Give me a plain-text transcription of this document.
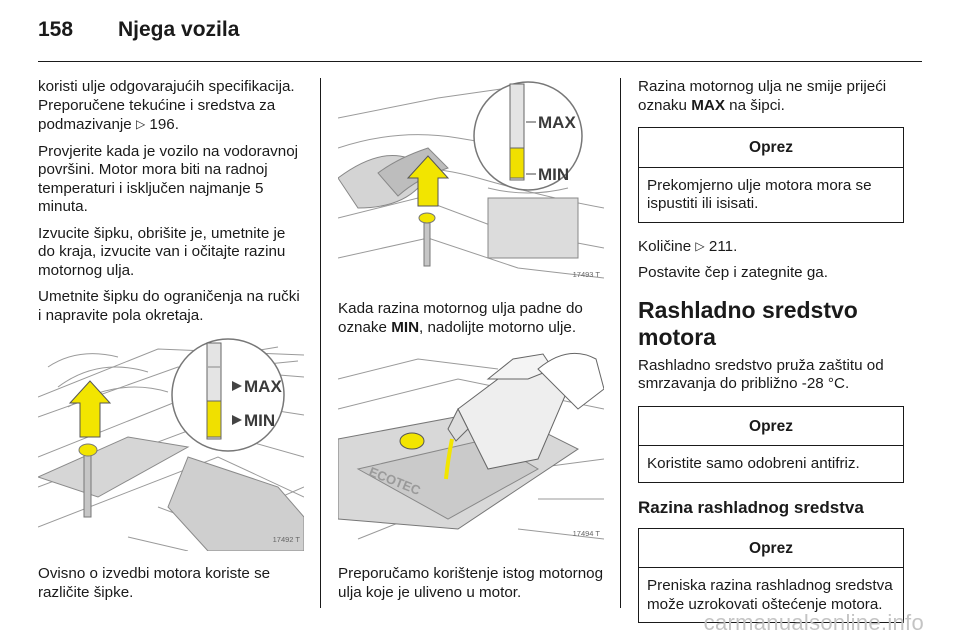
158 Njega vozila

koristi ulje odgovarajućih specifikacija. Preporučene tekućine i sredstva za podmazivanje ▷ 196.

Provjerite kada je vozilo na vodoravnoj površini. Motor mora biti na radnoj temperaturi i isključen najmanje 5 minuta.

Izvucite šipku, obrišite je, umetnite je do kraja, izvucite van i očitajte razinu motornog ulja.

Umetnite šipku do ograničenja na ručki i napravite pola okretaja.

MAX
MIN
17492 T

Ovisno o izvedbi motora koriste se različite šipke.

MAX
MIN
17493 T

Kada razina motornog ulja padne do oznake MIN, nadolijte motorno ulje.

ECOTEC
17494 T

Preporučamo korištenje istog motornog ulja koje je uliveno u motor.

Razina motornog ulja ne smije prijeći oznaku MAX na šipci.

Oprez
Prekomjerno ulje motora mora se ispustiti ili isisati.

Količine ▷ 211.

Postavite čep i zategnite ga.

Rashladno sredstvo motora

Rashladno sredstvo pruža zaštitu od smrzavanja do približno -28 °C.

Oprez
Koristite samo odobreni antifriz.
Razina rashladnog sredstva
Oprez
Preniska razina rashladnog sredstva može uzrokovati oštećenje motora.
carmanualsonline.info
